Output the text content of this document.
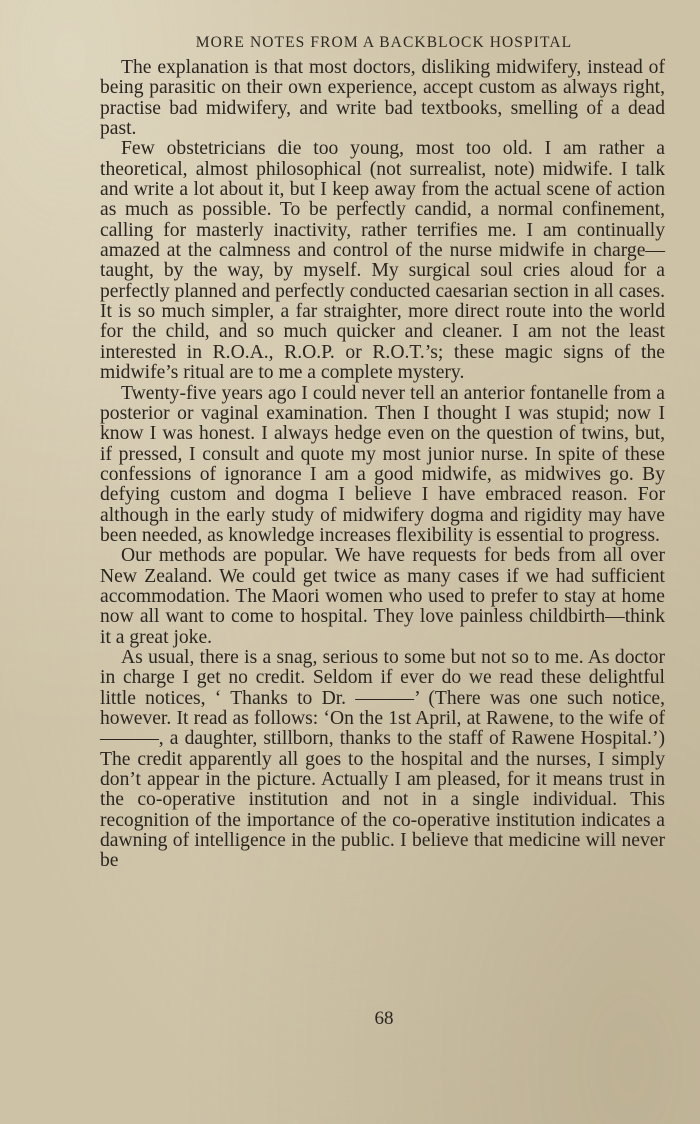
MORE NOTES FROM A BACKBLOCK HOSPITAL

The explanation is that most doctors, disliking midwifery, instead of being parasitic on their own experience, accept custom as always right, practise bad midwifery, and write bad textbooks, smelling of a dead past.

Few obstetricians die too young, most too old. I am rather a theoretical, almost philosophical (not surrealist, note) midwife. I talk and write a lot about it, but I keep away from the actual scene of action as much as possible. To be perfectly candid, a normal confinement, calling for masterly inactivity, rather terrifies me. I am continually amazed at the calmness and control of the nurse midwife in charge—taught, by the way, by myself. My surgical soul cries aloud for a perfectly planned and perfectly conducted caesarian section in all cases. It is so much simpler, a far straighter, more direct route into the world for the child, and so much quicker and cleaner. I am not the least interested in R.O.A., R.O.P. or R.O.T.’s; these magic signs of the midwife’s ritual are to me a complete mystery.

Twenty-five years ago I could never tell an anterior fontanelle from a posterior or vaginal examination. Then I thought I was stupid; now I know I was honest. I always hedge even on the question of twins, but, if pressed, I consult and quote my most junior nurse. In spite of these confessions of ignorance I am a good midwife, as midwives go. By defying custom and dogma I believe I have embraced reason. For although in the early study of midwifery dogma and rigidity may have been needed, as knowledge increases flexibility is essential to progress.

Our methods are popular. We have requests for beds from all over New Zealand. We could get twice as many cases if we had sufficient accommodation. The Maori women who used to prefer to stay at home now all want to come to hospital. They love painless childbirth—think it a great joke.

As usual, there is a snag, serious to some but not so to me. As doctor in charge I get no credit. Seldom if ever do we read these delightful little notices, ‘ Thanks to Dr. ———’ (There was one such notice, however. It read as follows: ‘On the 1st April, at Rawene, to the wife of ———, a daughter, stillborn, thanks to the staff of Rawene Hospital.’) The credit apparently all goes to the hospital and the nurses, I simply don’t appear in the picture. Actually I am pleased, for it means trust in the co-operative institution and not in a single individual. This recognition of the importance of the co-operative institution indicates a dawning of intelligence in the public. I believe that medicine will never be

68
